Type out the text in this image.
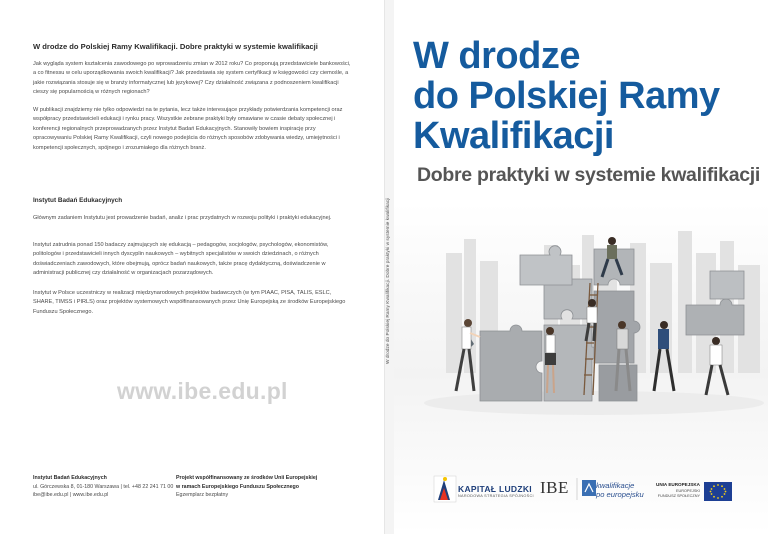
W drodze do Polskiej Ramy Kwalifikacji. Dobre praktyki w systemie kwalifikacji
Jak wygląda system kształcenia zawodowego po wprowadzeniu zmian w 2012 roku? Co proponują przedstawiciele bankowości, a co fitnessu w celu uporządkowania swoich kwalifikacji? Jak przedstawia się system certyfikacji w księgowości czy ciemośle, a jakie rozwiązania stosuje się w branży informatycznej lub językowej? Czy działalność związana z podnoszeniem kwalifikacji cieszy się popularnością w różnych regionach?
W publikacji znajdziemy nie tylko odpowiedzi na te pytania, lecz także interesujące przykłady potwierdzania kompetencji oraz współpracy przedstawicieli edukacji i rynku pracy. Wszystkie zebrane praktyki były omawiane w czasie debaty społecznej i konferencji regionalnych przeprowadzanych przez Instytut Badań Edukacyjnych. Stanowiły bowiem inspirację przy opracowywaniu Polskiej Ramy Kwalifikacji, czyli nowego podejścia do różnych sposobów zdobywania wiedzy, umiejętności i kompetencji społecznych, spójnego i zrozumiałego dla różnych branż.
Instytut Badań Edukacyjnych
Głównym zadaniem Instytutu jest prowadzenie badań, analiz i prac przydatnych w rozwoju polityki i praktyki edukacyjnej.
Instytut zatrudnia ponad 150 badaczy zajmujących się edukacją – pedagogów, socjologów, psychologów, ekonomistów, politologów i przedstawicieli innych dyscyplin naukowych – wybitnych specjalistów w swoich dziedzinach, o różnych doświadczeniach zawodowych, które obejmują, oprócz badań naukowych, także pracę dydaktyczną, doświadczenie w administracji publicznej czy działalność w organizacjach pozarządowych.
Instytut w Polsce uczestniczy w realizacji międzynarodowych projektów badawczych (w tym PIAAC, PISA, TALIS, ESLC, SHARE, TIMSS i PIRLS) oraz projektów systemowych współfinansowanych przez Unię Europejską ze środków Europejskiego Funduszu Społecznego.
www.ibe.edu.pl
Instytut Badań Edukacyjnych
ul. Górczewska 8, 01-180 Warszawa | tel. +48 22 241 71 00
ibe@ibe.edu.pl | www.ibe.edu.pl
Projekt współfinansowany ze środków Unii Europejskiej
w ramach Europejskiego Funduszu Społecznego
Egzemplarz bezpłatny
W drodze do Polskiej Ramy Kwalifikacji. Dobre praktyki w systemie kwalifikacji
W drodze
do Polskiej Ramy
Kwalifikacji
Dobre praktyki w systemie kwalifikacji
KAPITAŁ LUDZKI
NARODOWA STRATEGIA SPÓJNOŚCI IBE	kwalifikacje
po europejsku
UNIA EUROPEJSKA
EUROPEJSKI
FUNDUSZ SPOŁECZNY
